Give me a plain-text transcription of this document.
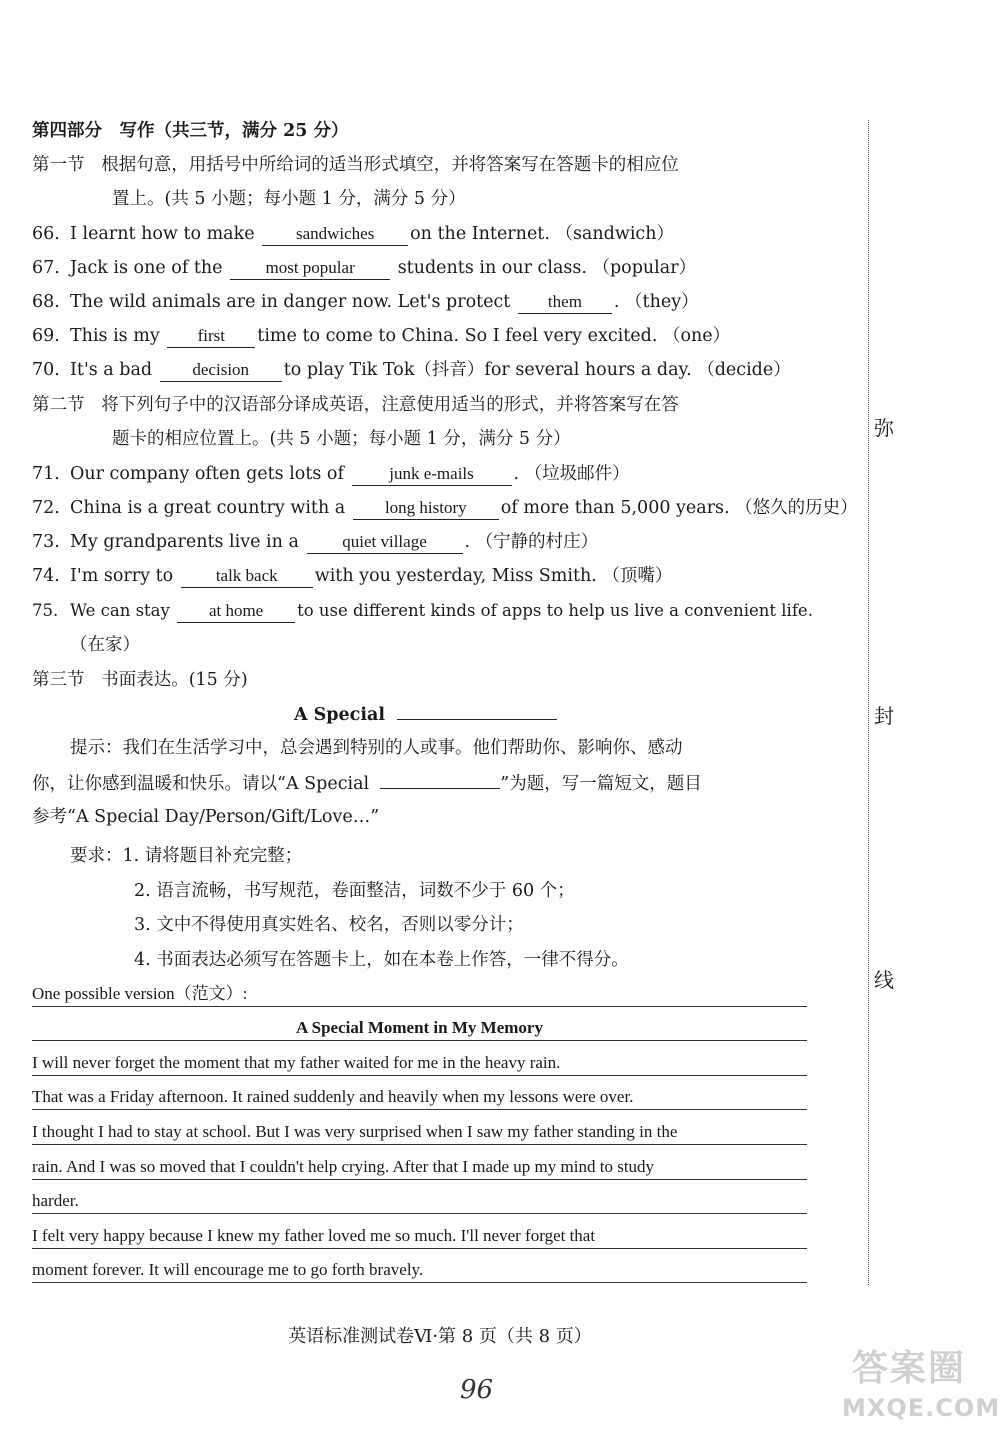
第四部分　写作（共三节，满分 25 分）
第一节 根据句意，用括号中所给词的适当形式填空，并将答案写在答题卡的相应位
置上。(共 5 小题；每小题 1 分，满分 5 分）
66. I learnt how to make sandwiches on the Internet. （sandwich）
67. Jack is one of the	most popular students in our class. （popular）
68. The wild animals are in danger now. Let's protect them . （they）
69. This is my first time to come to China. So I feel very excited. （one）
70. It's a bad decision to play Tik Tok（抖音）for several hours a day. （decide）
第二节 将下列句子中的汉语部分译成英语，注意使用适当的形式，并将答案写在答
题卡的相应位置上。(共 5 小题；每小题 1 分，满分 5 分）
71. Our company often gets lots of	junk e-mails . （垃圾邮件）
72. China is a great country with a long history of more than 5,000 years. （悠久的历史）
73. My grandparents live in a	quiet village . （宁静的村庄）
74. I'm sorry to	talk back with you yesterday, Miss Smith. （顶嘴）
75. We can stay at home to use different kinds of apps to help us live a convenient life.
（在家）
第三节 书面表达。(15 分)
A Special
提示：我们在生活学习中，总会遇到特别的人或事。他们帮助你、影响你、感动
你，让你感到温暖和快乐。请以“A Special	”为题，写一篇短文，题目
参考“A Special Day/Person/Gift/Love…”
要求：1. 请将题目补充完整；
2. 语言流畅，书写规范，卷面整洁，词数不少于 60 个；
3. 文中不得使用真实姓名、校名，否则以零分计；
4. 书面表达必须写在答题卡上，如在本卷上作答，一律不得分。
One possible version（范文）:
A Special Moment in My Memory
I will never forget the moment that my father waited for me in the heavy rain.
That was a Friday afternoon. It rained suddenly and heavily when my lessons were over.
I thought I had to stay at school. But I was very surprised when I saw my father standing in the
rain. And I was so moved that I couldn't help crying. After that I made up my mind to study
harder.
I felt very happy because I knew my father loved me so much. I'll never forget that
moment forever. It will encourage me to go forth bravely.
弥
封
线
英语标准测试卷Ⅵ·第 8 页（共 8 页）
96
答案圈
MXQE.COM
